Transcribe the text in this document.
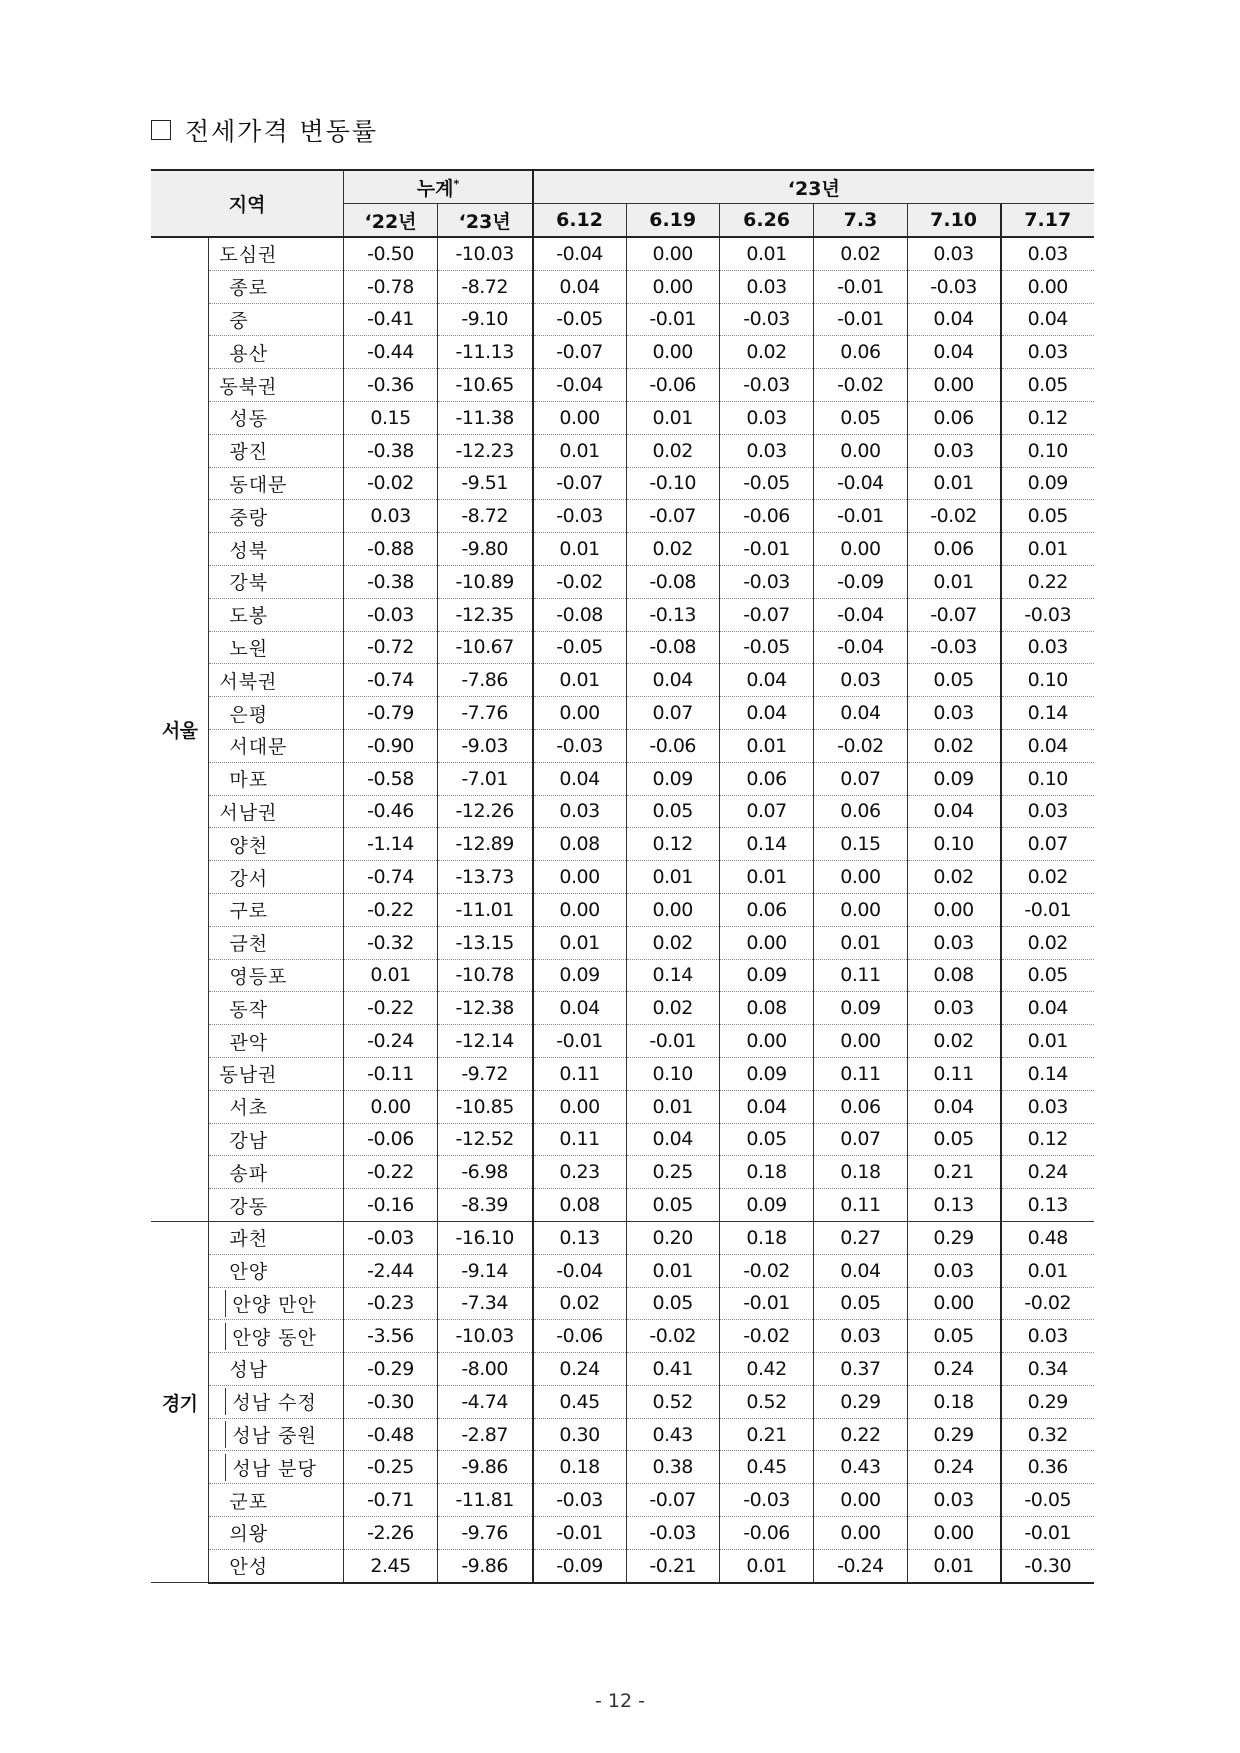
전세가격 변동률
지역		누계*		‘23년					
		‘22년	‘23년	6.12	6.19	6.26	7.3	7.10	7.17
서울	도심권	-0.50	-10.03	-0.04	0.00	0.01	0.02	0.03	0.03
	종로	-0.78	-8.72	0.04	0.00	0.03	-0.01	-0.03	0.00
	중	-0.41	-9.10	-0.05	-0.01	-0.03	-0.01	0.04	0.04
	용산	-0.44	-11.13	-0.07	0.00	0.02	0.06	0.04	0.03
	동북권	-0.36	-10.65	-0.04	-0.06	-0.03	-0.02	0.00	0.05
	성동	0.15	-11.38	0.00	0.01	0.03	0.05	0.06	0.12
	광진	-0.38	-12.23	0.01	0.02	0.03	0.00	0.03	0.10
	동대문	-0.02	-9.51	-0.07	-0.10	-0.05	-0.04	0.01	0.09
	중랑	0.03	-8.72	-0.03	-0.07	-0.06	-0.01	-0.02	0.05
	성북	-0.88	-9.80	0.01	0.02	-0.01	0.00	0.06	0.01
	강북	-0.38	-10.89	-0.02	-0.08	-0.03	-0.09	0.01	0.22
	도봉	-0.03	-12.35	-0.08	-0.13	-0.07	-0.04	-0.07	-0.03
	노원	-0.72	-10.67	-0.05	-0.08	-0.05	-0.04	-0.03	0.03
	서북권	-0.74	-7.86	0.01	0.04	0.04	0.03	0.05	0.10
	은평	-0.79	-7.76	0.00	0.07	0.04	0.04	0.03	0.14
	서대문	-0.90	-9.03	-0.03	-0.06	0.01	-0.02	0.02	0.04
	마포	-0.58	-7.01	0.04	0.09	0.06	0.07	0.09	0.10
	서남권	-0.46	-12.26	0.03	0.05	0.07	0.06	0.04	0.03
	양천	-1.14	-12.89	0.08	0.12	0.14	0.15	0.10	0.07
	강서	-0.74	-13.73	0.00	0.01	0.01	0.00	0.02	0.02
	구로	-0.22	-11.01	0.00	0.00	0.06	0.00	0.00	-0.01
	금천	-0.32	-13.15	0.01	0.02	0.00	0.01	0.03	0.02
	영등포	0.01	-10.78	0.09	0.14	0.09	0.11	0.08	0.05
	동작	-0.22	-12.38	0.04	0.02	0.08	0.09	0.03	0.04
	관악	-0.24	-12.14	-0.01	-0.01	0.00	0.00	0.02	0.01
	동남권	-0.11	-9.72	0.11	0.10	0.09	0.11	0.11	0.14
	서초	0.00	-10.85	0.00	0.01	0.04	0.06	0.04	0.03
	강남	-0.06	-12.52	0.11	0.04	0.05	0.07	0.05	0.12
	송파	-0.22	-6.98	0.23	0.25	0.18	0.18	0.21	0.24
	강동	-0.16	-8.39	0.08	0.05	0.09	0.11	0.13	0.13
경기	과천	-0.03	-16.10	0.13	0.20	0.18	0.27	0.29	0.48
	안양	-2.44	-9.14	-0.04	0.01	-0.02	0.04	0.03	0.01
	안양 만안	-0.23	-7.34	0.02	0.05	-0.01	0.05	0.00	-0.02
	안양 동안	-3.56	-10.03	-0.06	-0.02	-0.02	0.03	0.05	0.03
	성남	-0.29	-8.00	0.24	0.41	0.42	0.37	0.24	0.34
	성남 수정	-0.30	-4.74	0.45	0.52	0.52	0.29	0.18	0.29
	성남 중원	-0.48	-2.87	0.30	0.43	0.21	0.22	0.29	0.32
	성남 분당	-0.25	-9.86	0.18	0.38	0.45	0.43	0.24	0.36
	군포	-0.71	-11.81	-0.03	-0.07	-0.03	0.00	0.03	-0.05
	의왕	-2.26	-9.76	-0.01	-0.03	-0.06	0.00	0.00	-0.01
	안성	2.45	-9.86	-0.09	-0.21	0.01	-0.24	0.01	-0.30
- 12 -
